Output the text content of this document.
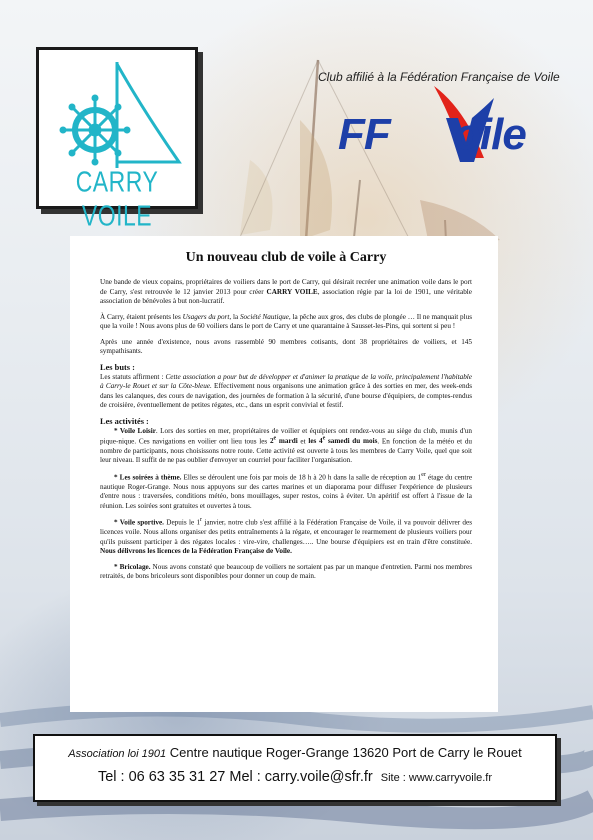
CARRY VOILE
Club affilié à la Fédération Française de Voile
FF oile
Un nouveau club de voile à Carry

Une bande de vieux copains, propriétaires de voiliers dans le port de Carry, qui désirait recréer une animation voile dans le port de Carry, s'est retrouvée le 12 janvier 2013 pour créer CARRY VOILE, association régie par la loi de 1901, une véritable association de bénévoles à but non-lucratif.

À Carry, étaient présents les Usagers du port, la Société Nautique, la pêche aux gros, des clubs de plongée … Il ne manquait plus que la voile ! Nous avons plus de 60 voiliers dans le port de Carry et une quarantaine à Sausset-les-Pins, qui sortent si peu !

Après une année d'existence, nous avons rassemblé 90 membres cotisants, dont 38 propriétaires de voiliers, et 145 sympathisants.

Les buts :

Les statuts affirment : Cette association a pour but de développer et d'animer la pratique de la voile, principalement l'habitable à Carry-le Rouet et sur la Côte-bleue. Effectivement nous organisons une animation grâce à des sorties en mer, des week-ends dans les calanques, des cours de navigation, des journées de formation à la sécurité, d'une bourse d'équipiers, de comptes-rendus de croisière, éventuellement de petites régates, etc., dans un esprit convivial et festif.

Les activités :

* Voile Loisir. Lors des sorties en mer, propriétaires de voilier et équipiers ont rendez-vous au siège du club, munis d'un pique-nique. Ces navigations en voilier ont lieu tous les 2e mardi et les 4e samedi du mois. En fonction de la météo et du nombre de participants, nous choisissons notre route. Cette activité est ouverte à tous les membres de Carry Voile, quel que soit leur niveau. Il suffit de ne pas oublier d'envoyer un courriel pour faciliter l'organisation.

* Les soirées à thème. Elles se déroulent une fois par mois de 18 h à 20 h dans la salle de réception au 1er étage du centre nautique Roger-Grange. Nous nous appuyons sur des cartes marines et un diaporama pour diffuser l'expérience de plusieurs d'entre nous : traversées, conditions météo, bons mouillages, super restos, coins à éviter. Un apéritif est offert à l'issue de la réunion. Les soirées sont gratuites et ouvertes à tous.

* Voile sportive. Depuis le 1$^r$ janvier, notre club s'est affilié à la Fédération Française de Voile, il va pouvoir délivrer des licences voile. Nous allons organiser des petits entraînements à la régate, et encourager le rearmement de plusieurs voiliers pour qu'ils puissent participer à des régates locales : vire-vire, challenges….. Une bourse d'équipiers est en train d'être constituée. Nous délivrons les licences de la Fédération Française de Voile.

* Bricolage. Nous avons constaté que beaucoup de voiliers ne sortaient pas par un manque d'entretien. Parmi nos membres retraités, de bons bricoleurs sont disponibles pour donner un coup de main.

Association loi 1901 Centre nautique Roger-Grange 13620 Port de Carry le Rouet
Tel : 06 63 35 31 27 Mel : carry.voile@sfr.fr Site : www.carryvoile.fr
